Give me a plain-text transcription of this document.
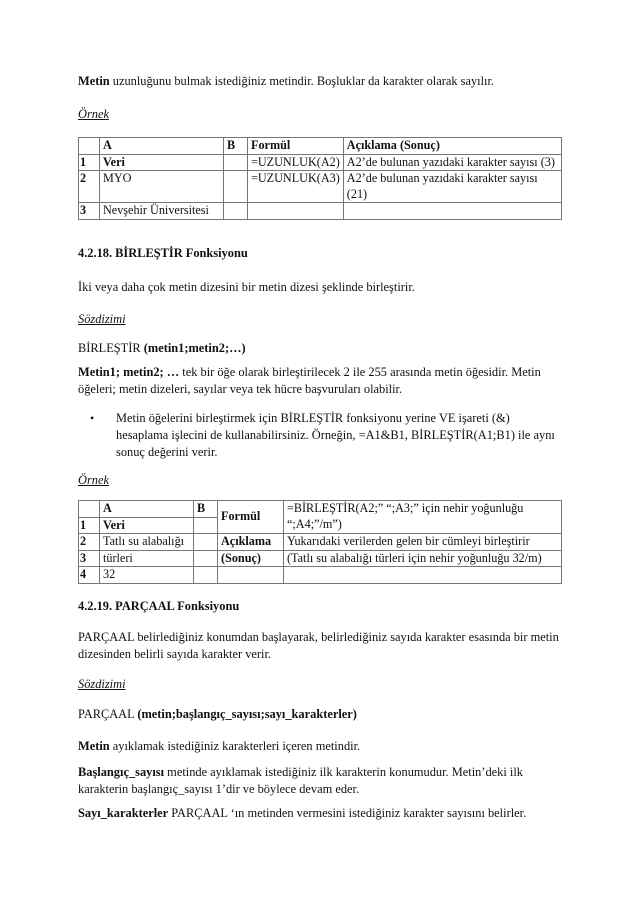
Metin uzunluğunu bulmak istediğiniz metindir. Boşluklar da karakter olarak sayılır.
Örnek
	A	B	Formül	Açıklama (Sonuç)
1	Veri		=UZUNLUK(A2)	A2’de bulunan yazıdaki karakter sayısı (3)
2	MYO		=UZUNLUK(A3)	A2’de bulunan yazıdaki karakter sayısı (21)
3	Nevşehir Üniversitesi			
4.2.18. BİRLEŞTİR Fonksiyonu
İki veya daha çok metin dizesini bir metin dizesi şeklinde birleştirir.
Sözdizimi
BİRLEŞTİR (metin1;metin2;…)
Metin1; metin2; … tek bir öğe olarak birleştirilecek 2 ile 255 arasında metin öğesidir. Metin öğeleri; metin dizeleri, sayılar veya tek hücre başvuruları olabilir.
• Metin öğelerini birleştirmek için BİRLEŞTİR fonksiyonu yerine VE işareti (&) hesaplama işlecini de kullanabilirsiniz. Örneğin, =A1&B1, BİRLEŞTİR(A1;B1) ile aynı sonuç değerini verir.
Örnek
	A	B	Formül	=BİRLEŞTİR(A2;” “;A3;” için nehir yoğunluğu “;A4;”/m”)
1	Veri			
2	Tatlı su alabalığı		Açıklama	Yukarıdaki verilerden gelen bir cümleyi birleştirir
3	türleri		(Sonuç)	(Tatlı su alabalığı türleri için nehir yoğunluğu 32/m)
4	32			
4.2.19. PARÇAAL Fonksiyonu
PARÇAAL belirlediğiniz konumdan başlayarak, belirlediğiniz sayıda karakter esasında bir metin dizesinden belirli sayıda karakter verir.
Sözdizimi
PARÇAAL (metin;başlangıç_sayısı;sayı_karakterler)
Metin ayıklamak istediğiniz karakterleri içeren metindir.
Başlangıç_sayısı metinde ayıklamak istediğiniz ilk karakterin konumudur. Metin’deki ilk karakterin başlangıç_sayısı 1’dir ve böylece devam eder.
Sayı_karakterler PARÇAAL ‘ın metinden vermesini istediğiniz karakter sayısını belirler.
